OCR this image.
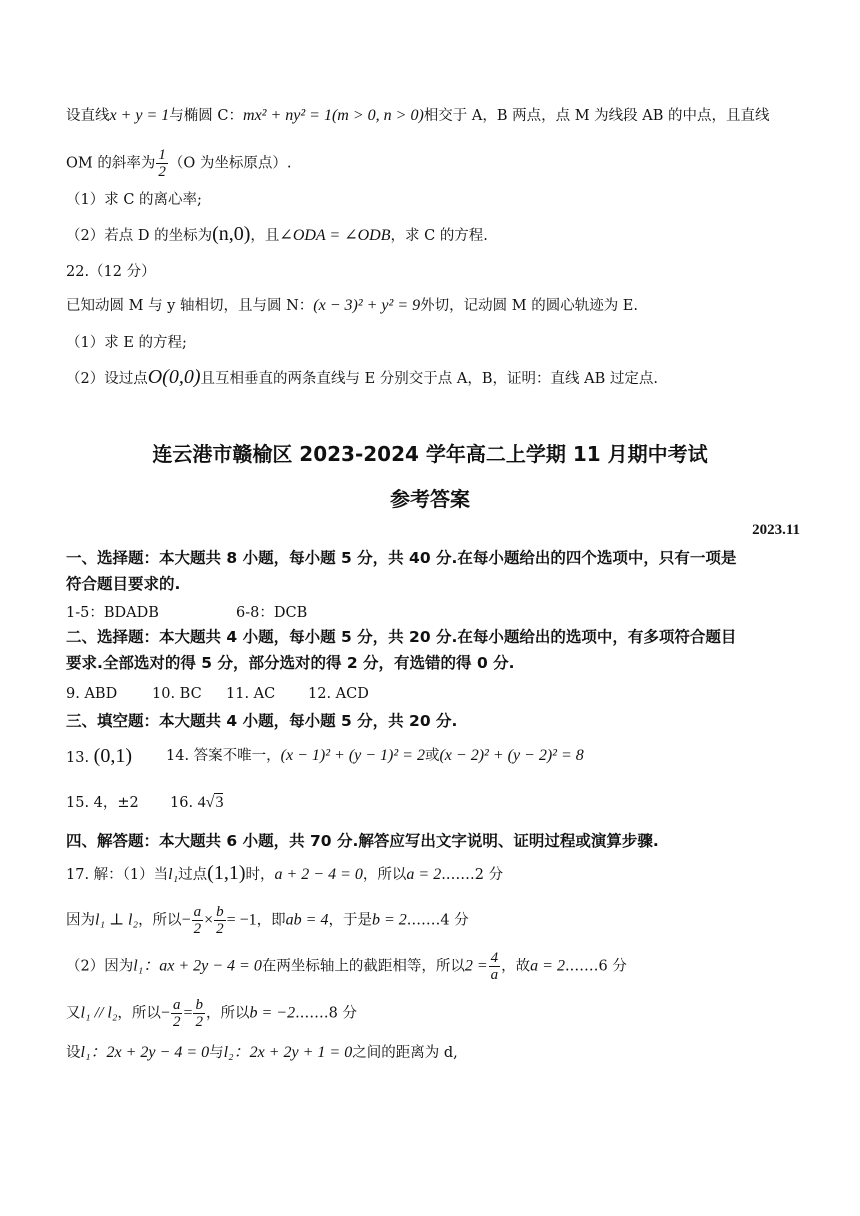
设直线x + y = 1与椭圆 C：mx² + ny² = 1(m > 0, n > 0)相交于 A，B 两点，点 M 为线段 AB 的中点，且直线
OM 的斜率为 $\frac{1}{2} (O$ 为坐标原点）.
（1）求 C 的离心率;
（2）若点 D 的坐标为(n,0)，且∠ODA = ∠ODB，求 C 的方程.
22.（12 分）
已知动圆 M 与 y 轴相切，且与圆 N：(x − 3)² + y² = 9外切，记动圆 M 的圆心轨迹为 E.
（1）求 E 的方程;
（2）设过点O(0,0)且互相垂直的两条直线与 E 分别交于点 A，B，证明：直线 AB 过定点.
连云港市赣榆区 2023-2024 学年高二上学期 11 月期中考试
参考答案
2023.11
一、选择题：本大题共 8 小题，每小题 5 分，共 40 分.在每小题给出的四个选项中，只有一项是
符合题目要求的.
1-5：BDADB	6-8：DCB
二、选择题：本大题共 4 小题，每小题 5 分，共 20 分.在每小题给出的选项中，有多项符合题目
要求.全部选对的得 5 分，部分选对的得 2 分，有选错的得 0 分.
9. ABD 10. BC 11. AC 12. ACD
三、填空题：本大题共 4 小题，每小题 5 分，共 20 分.
13. (0,1) 14. 答案不唯一，(x − 1)² + (y − 1)² = 2或(x − 2)² + (y − 2)² = 8
15. 4，±2 16. 4√3
四、解答题：本大题共 6 小题，共 70 分.解答应写出文字说明、证明过程或演算步骤.
17. 解：（1）当l₁过点(1,1)时，a + 2 − 4 = 0，所以a = 2.……2 分
因为l₁ ⊥ l₂，所以− $\frac{a}{2} \times \frac{b}{2} = -1$，即ab = 4，于是b = 2.……4 分
（2）因为l₁：ax + 2y − 4 = 0在两坐标轴上的截距相等，所以$2 = \frac{4}{a}$ ，故a = 2.……6 分
又l₁ // l₂，所以− $\frac{a}{2} = \frac{b}{2}$ ，所以b = −2.……8 分
设l₁：2x + 2y − 4 = 0与l₂：2x + 2y + 1 = 0之间的距离为 d,
